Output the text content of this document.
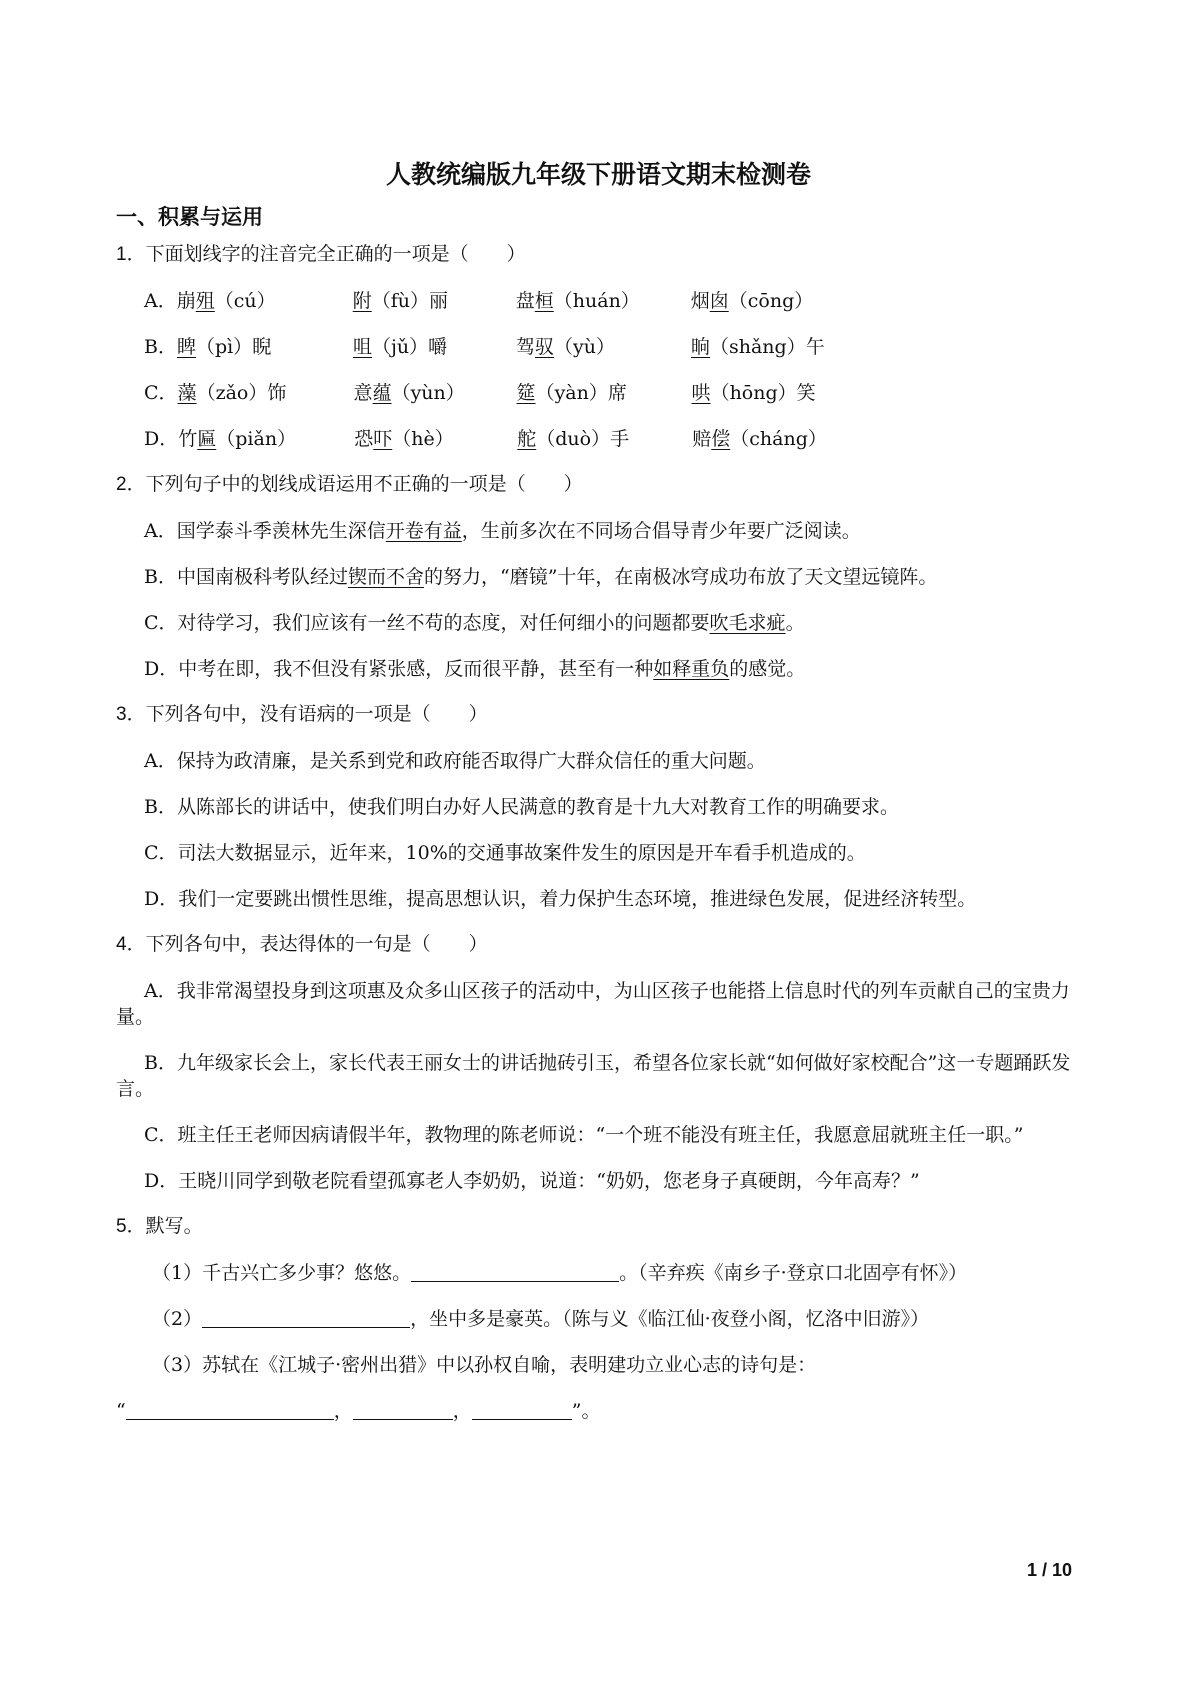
人教统编版九年级下册语文期末检测卷
一、积累与运用
1．下面划线字的注音完全正确的一项是（　　）
A．崩殂（cú）	附（fù）丽	盘桓（huán）	烟囱（cōng）
B．睥（pì）睨	咀（jǔ）嚼	驾驭（yù）	晌（shǎng）午
C．藻（zǎo）饰	意蕴（yùn）	筵（yàn）席	哄（hōng）笑
D．竹匾（piǎn）	恐吓（hè）	舵（duò）手	赔偿（cháng）
2．下列句子中的划线成语运用不正确的一项是（　　）
A．国学泰斗季羡林先生深信开卷有益，生前多次在不同场合倡导青少年要广泛阅读。
B．中国南极科考队经过锲而不舍的努力，“磨镜”十年，在南极冰穹成功布放了天文望远镜阵。
C．对待学习，我们应该有一丝不苟的态度，对任何细小的问题都要吹毛求疵。
D．中考在即，我不但没有紧张感，反而很平静，甚至有一种如释重负的感觉。
3．下列各句中，没有语病的一项是（　　）
A．保持为政清廉，是关系到党和政府能否取得广大群众信任的重大问题。
B．从陈部长的讲话中，使我们明白办好人民满意的教育是十九大对教育工作的明确要求。
C．司法大数据显示，近年来，10%的交通事故案件发生的原因是开车看手机造成的。
D．我们一定要跳出惯性思维，提高思想认识，着力保护生态环境，推进绿色发展，促进经济转型。
4．下列各句中，表达得体的一句是（　　）
A．我非常渴望投身到这项惠及众多山区孩子的活动中，为山区孩子也能搭上信息时代的列车贡献自己的宝贵力量。
B．九年级家长会上，家长代表王丽女士的讲话抛砖引玉，希望各位家长就“如何做好家校配合”这一专题踊跃发言。
C．班主任王老师因病请假半年，教物理的陈老师说：“一个班不能没有班主任，我愿意屈就班主任一职。”
D．王晓川同学到敬老院看望孤寡老人李奶奶，说道：“奶奶，您老身子真硬朗，今年高寿？”
5．默写。
（1）千古兴亡多少事？悠悠。	。（辛弃疾《南乡子·登京口北固亭有怀》）
（2）	，坐中多是豪英。（陈与义《临江仙·夜登小阁，忆洛中旧游》）
（3）苏轼在《江城子·密州出猎》中以孙权自喻，表明建功立业心志的诗句是：
“	，	，	”。
1 / 10
